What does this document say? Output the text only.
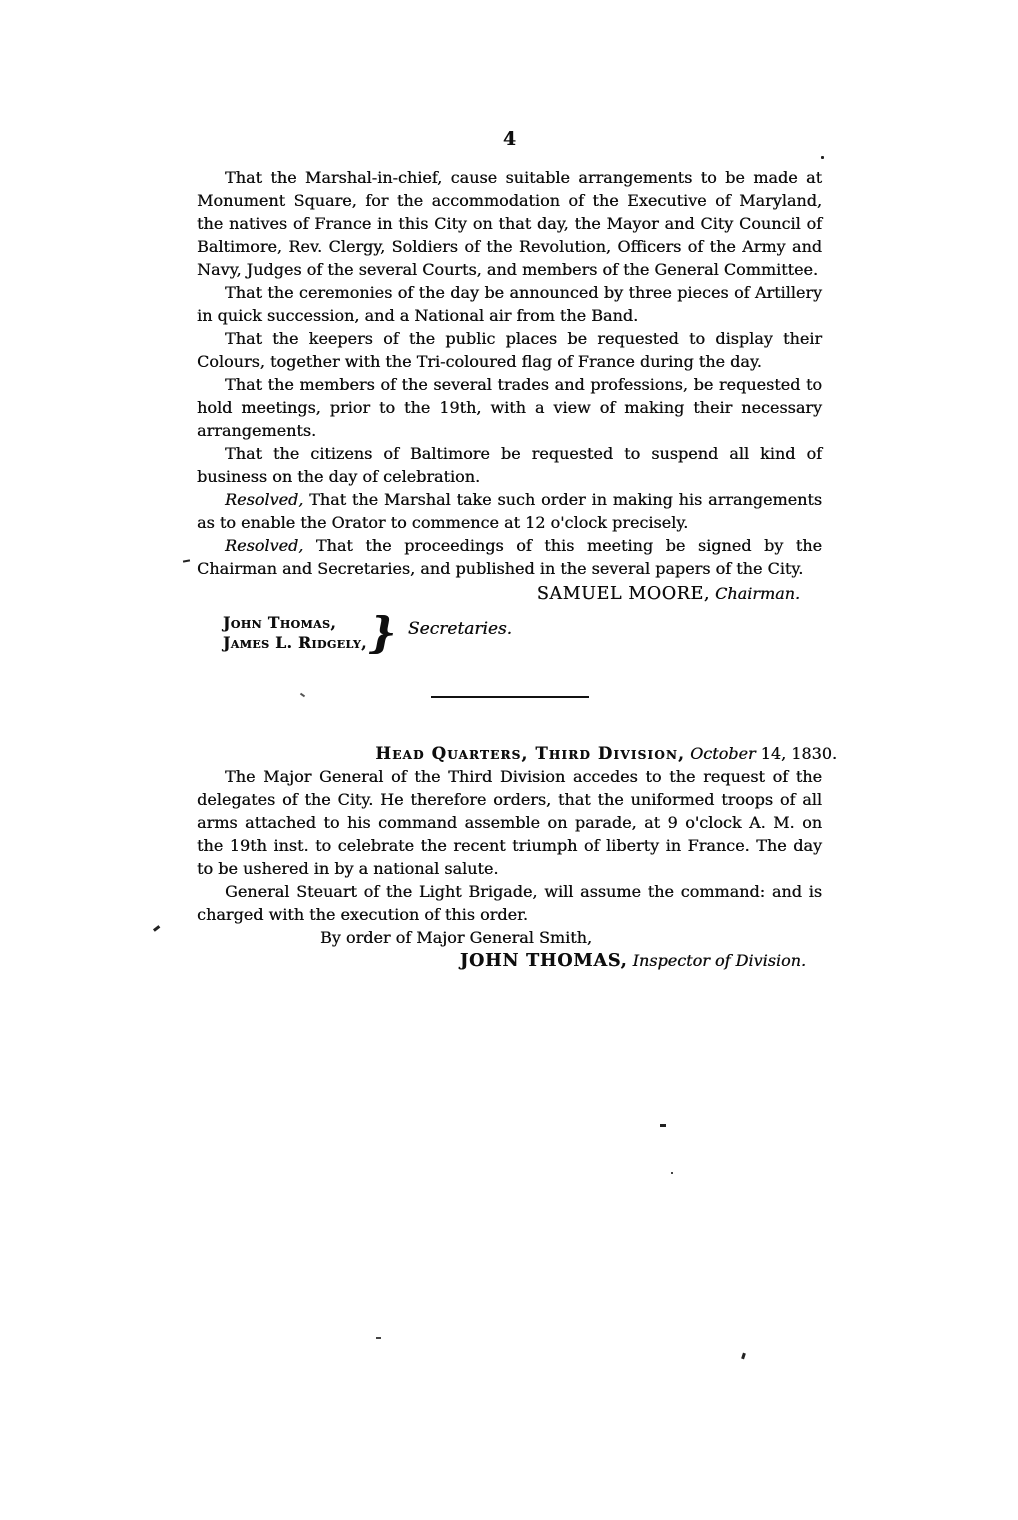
4

That the Marshal-in-chief, cause suitable arrangements to be made at Monument Square, for the accommodation of the Executive of Maryland, the natives of France in this City on that day, the Mayor and City Council of Baltimore, Rev. Clergy, Soldiers of the Revolution, Officers of the Army and Navy, Judges of the several Courts, and members of the General Committee.

That the ceremonies of the day be announced by three pieces of Artillery in quick succession, and a National air from the Band.

That the keepers of the public places be requested to display their Colours, together with the Tri-coloured flag of France during the day.

That the members of the several trades and professions, be requested to hold meetings, prior to the 19th, with a view of making their necessary arrangements.

That the citizens of Baltimore be requested to suspend all kind of business on the day of celebration.

Resolved, That the Marshal take such order in making his arrangements as to enable the Orator to commence at 12 o'clock precisely.

Resolved, That the proceedings of this meeting be signed by the Chairman and Secretaries, and published in the several papers of the City.

SAMUEL MOORE, Chairman.
John Thomas,
James L. Ridgely, } Secretaries.
Head Quarters, Third Division, October 14, 1830.

The Major General of the Third Division accedes to the request of the delegates of the City. He therefore orders, that the uniformed troops of all arms attached to his command assemble on parade, at 9 o'clock A. M. on the 19th inst. to celebrate the recent triumph of liberty in France. The day to be ushered in by a national salute.

General Steuart of the Light Brigade, will assume the command: and is charged with the execution of this order.

By order of Major General Smith,
JOHN THOMAS, Inspector of Division.
